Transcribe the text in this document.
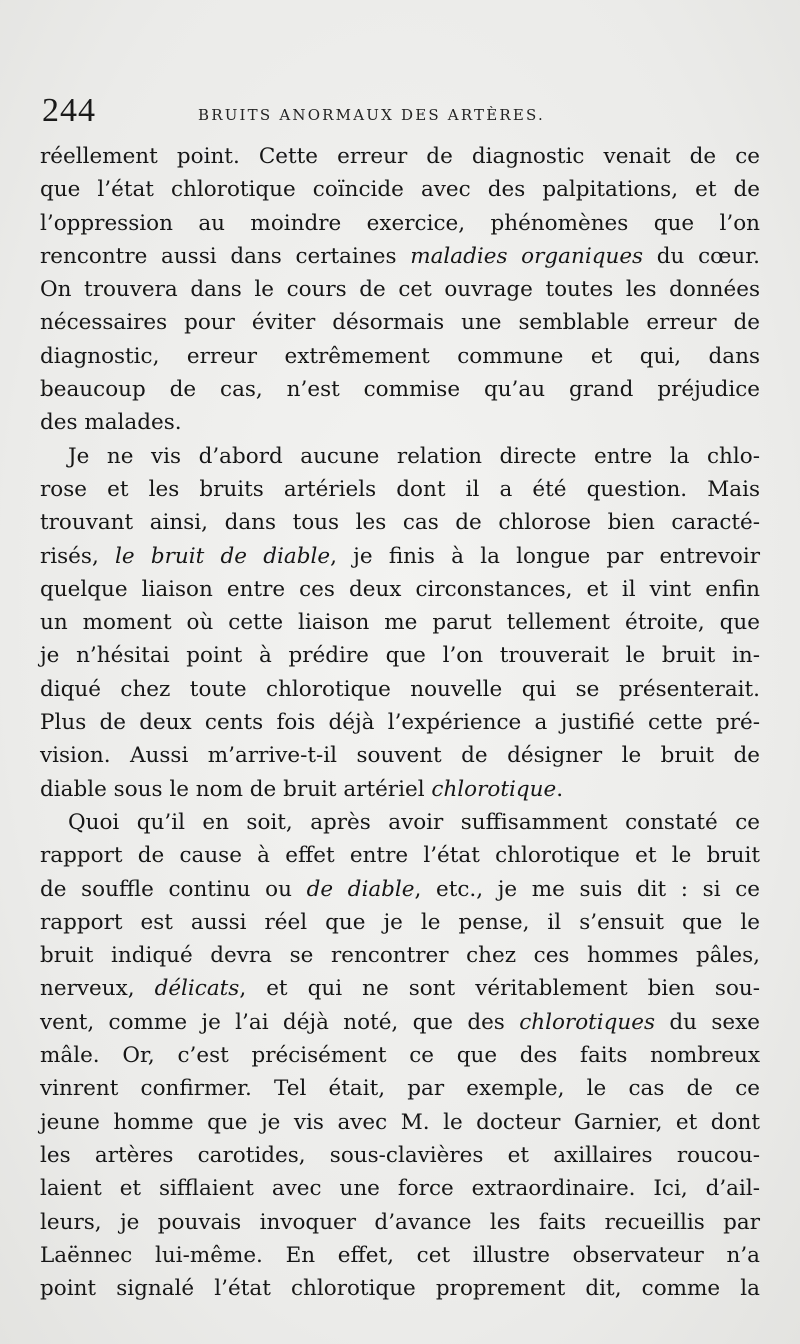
244	BRUITS ANORMAUX DES ARTÈRES.
réellement point. Cette erreur de diagnostic venait de ce
que l’état chlorotique coïncide avec des palpitations, et de
l’oppression au moindre exercice, phénomènes que l’on
rencontre aussi dans certaines maladies organiques du cœur.
On trouvera dans le cours de cet ouvrage toutes les données
nécessaires pour éviter désormais une semblable erreur de
diagnostic, erreur extrêmement commune et qui, dans
beaucoup de cas, n’est commise qu’au grand préjudice
des malades.
Je ne vis d’abord aucune relation directe entre la chlo-
rose et les bruits artériels dont il a été question. Mais
trouvant ainsi, dans tous les cas de chlorose bien caracté-
risés, le bruit de diable, je finis à la longue par entrevoir
quelque liaison entre ces deux circonstances, et il vint enfin
un moment où cette liaison me parut tellement étroite, que
je n’hésitai point à prédire que l’on trouverait le bruit in-
diqué chez toute chlorotique nouvelle qui se présenterait.
Plus de deux cents fois déjà l’expérience a justifié cette pré-
vision. Aussi m’arrive-t-il souvent de désigner le bruit de
diable sous le nom de bruit artériel chlorotique.
Quoi qu’il en soit, après avoir suffisamment constaté ce
rapport de cause à effet entre l’état chlorotique et le bruit
de souffle continu ou de diable, etc., je me suis dit : si ce
rapport est aussi réel que je le pense, il s’ensuit que le
bruit indiqué devra se rencontrer chez ces hommes pâles,
nerveux, délicats, et qui ne sont véritablement bien sou-
vent, comme je l’ai déjà noté, que des chlorotiques du sexe
mâle. Or, c’est précisément ce que des faits nombreux
vinrent confirmer. Tel était, par exemple, le cas de ce
jeune homme que je vis avec M. le docteur Garnier, et dont
les artères carotides, sous-clavières et axillaires roucou-
laient et sifflaient avec une force extraordinaire. Ici, d’ail-
leurs, je pouvais invoquer d’avance les faits recueillis par
Laënnec lui-même. En effet, cet illustre observateur n’a
point signalé l’état chlorotique proprement dit, comme la
